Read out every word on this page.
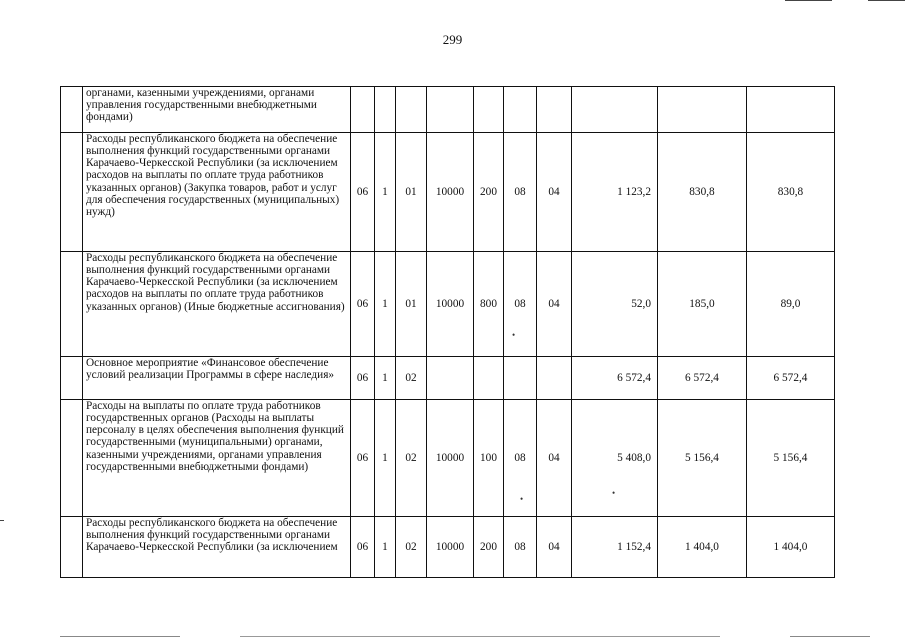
299
	органами, казенными учреждениями, органами управления государственными внебюджетными фондами)										
	Расходы республиканского бюджета на обеспечение выполнения функций государственными органами Карачаево-Черкесской Республики (за исключением расходов на выплаты по оплате труда работников указанных органов) (Закупка товаров, работ и услуг для обеспечения государственных (муниципальных) нужд)	06	1	01	10000	200	08	04	1 123,2	830,8	830,8
	Расходы республиканского бюджета на обеспечение выполнения функций государственными органами Карачаево-Черкесской Республики (за исключением расходов на выплаты по оплате труда работников указанных органов) (Иные бюджетные ассигнования)	06	1	01	10000	800	08	04	52,0	185,0	89,0
	Основное мероприятие «Финансовое обеспечение условий реализации Программы в сфере наследия»	06	1	02					6 572,4	6 572,4	6 572,4
	Расходы на выплаты по оплате труда работников государственных органов (Расходы на выплаты персоналу в целях обеспечения выполнения функций государственными (муниципальными) органами, казенными учреждениями, органами управления государственными внебюджетными фондами)	06	1	02	10000	100	08	04	5 408,0	5 156,4	5 156,4
	Расходы республиканского бюджета на обеспечение выполнения функций государственными органами Карачаево-Черкесской Республики (за исключением	06	1	02	10000	200	08	04	1 152,4	1 404,0	1 404,0
•
•
•
